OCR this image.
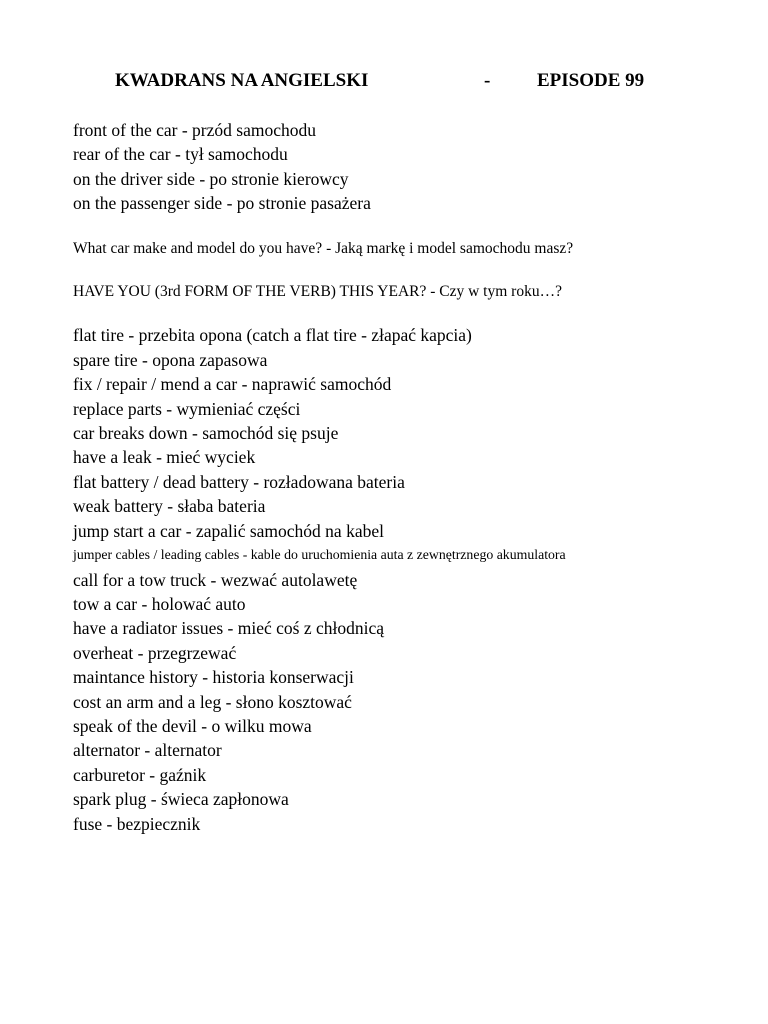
KWADRANS NA ANGIELSKI	- EPISODE 99
front of the car - przód samochodu
rear of the car - tył samochodu
on the driver side - po stronie kierowcy
on the passenger side - po stronie pasażera
What car make and model do you have? - Jaką markę i model samochodu masz?
HAVE YOU (3rd FORM OF THE VERB) THIS YEAR? - Czy w tym roku…?
flat tire - przebita opona (catch a flat tire - złapać kapcia)
spare tire - opona zapasowa
fix / repair / mend a car - naprawić samochód
replace parts - wymieniać części
car breaks down - samochód się psuje
have a leak - mieć wyciek
flat battery / dead battery - rozładowana bateria
weak battery - słaba bateria
jump start a car - zapalić samochód na kabel
jumper cables / leading cables - kable do uruchomienia auta z zewnętrznego akumulatora
call for a tow truck - wezwać autolawetę
tow a car - holować auto
have a radiator issues - mieć coś z chłodnicą
overheat - przegrzewać
maintance history - historia konserwacji
cost an arm and a leg - słono kosztować
speak of the devil - o wilku mowa
alternator - alternator
carburetor - gaźnik
spark plug - świeca zapłonowa
fuse - bezpiecznik
